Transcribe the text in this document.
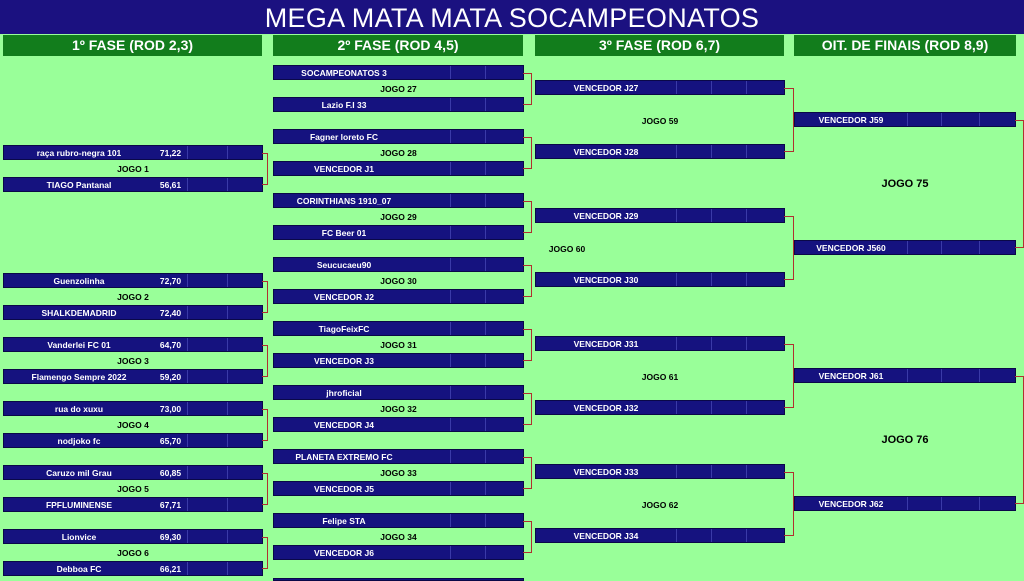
MEGA MATA MATA SOCAMPEONATOS
1º FASE (ROD 2,3)	2º FASE (ROD 4,5)	3º FASE (ROD 6,7)	OIT. DE FINAIS (ROD 8,9)
raça rubro-negra 101	71,22
JOGO 1
TIAGO Pantanal	56,61
Guenzolinha	72,70
JOGO 2
SHALKDEMADRID	72,40
Vanderlei FC 01	64,70
JOGO 3
Flamengo Sempre 2022	59,20
rua do xuxu	73,00
JOGO 4
nodjoko fc	65,70
Caruzo mil Grau	60,85
JOGO 5
FPFLUMINENSE	67,71
Lionvice	69,30
JOGO 6
Debboa FC	66,21
SOCAMPEONATOS 3
JOGO 27
Lazio F.I 33
Fagner loreto FC
JOGO 28
VENCEDOR J1
CORINTHIANS 1910_07
JOGO 29
FC Beer 01
Seucucaeu90
JOGO 30
VENCEDOR J2
TiagoFeixFC
JOGO 31
VENCEDOR J3
jhroficial
JOGO 32
VENCEDOR J4
PLANETA EXTREMO FC
JOGO 33
VENCEDOR J5
Felipe STA
JOGO 34
VENCEDOR J6
VENCEDOR J27
JOGO 59
VENCEDOR J28
VENCEDOR J29
JOGO 60
VENCEDOR J30
VENCEDOR J31
JOGO 61
VENCEDOR J32
VENCEDOR J33
JOGO 62
VENCEDOR J34
VENCEDOR J59
JOGO 75
VENCEDOR J560
VENCEDOR J61
JOGO 76
VENCEDOR J62
